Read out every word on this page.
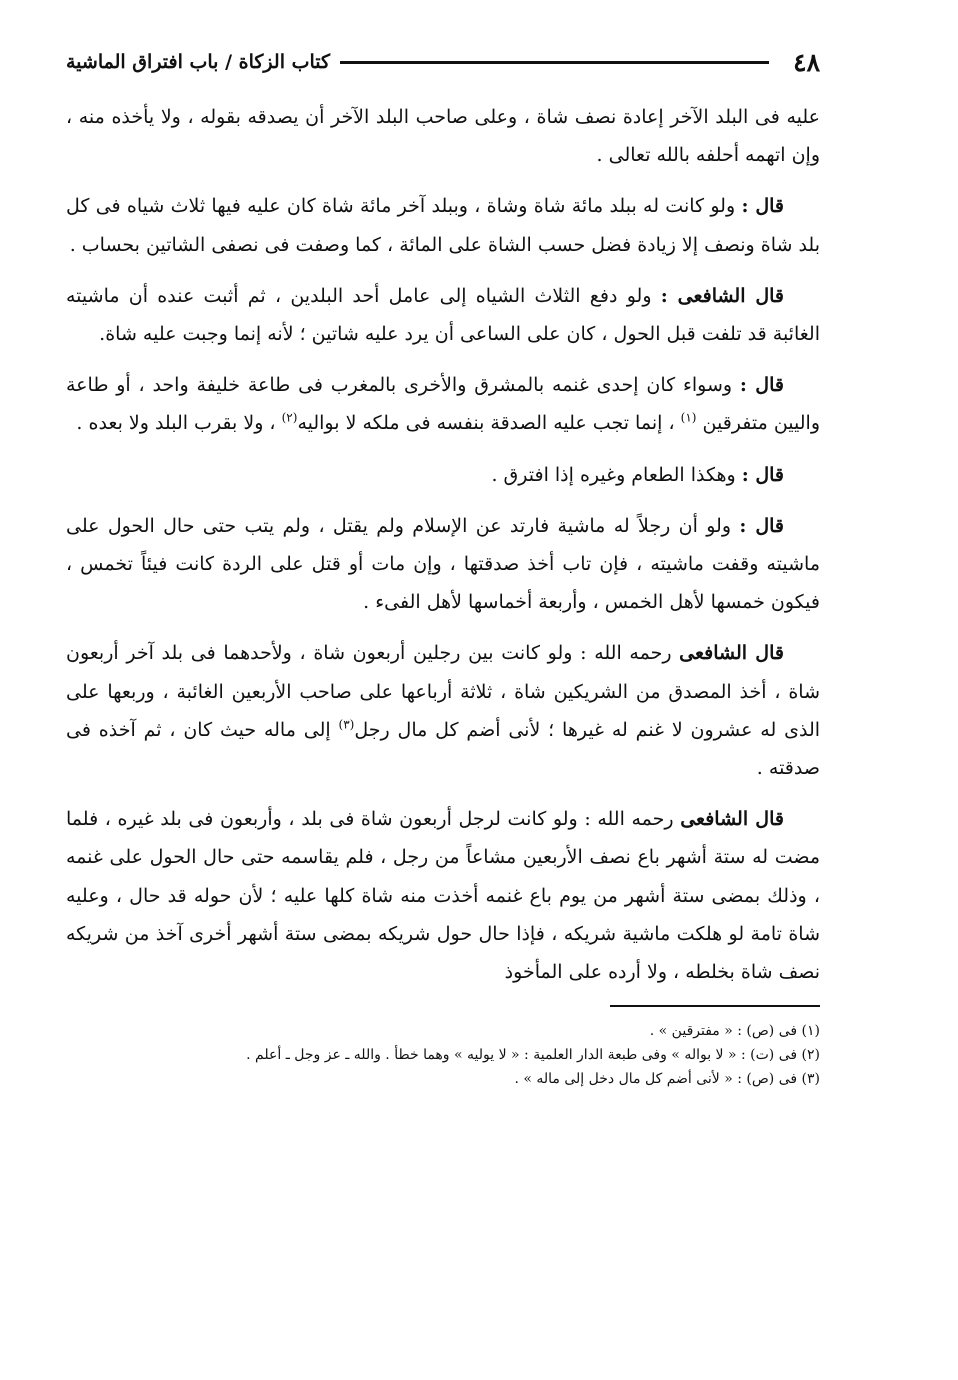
٤٨
كتاب الزكاة / باب افتراق الماشية

عليه فى البلد الآخر إعادة نصف شاة ، وعلى صاحب البلد الآخر أن يصدقه بقوله ، ولا يأخذه منه ، وإن اتهمه أحلفه بالله تعالى .

قال : ولو كانت له ببلد مائة شاة وشاة ، وببلد آخر مائة شاة كان عليه فيها ثلاث شياه فى كل بلد شاة ونصف إلا زيادة فضل حسب الشاة على المائة ، كما وصفت فى نصفى الشاتين بحساب .

قال الشافعى : ولو دفع الثلاث الشياه إلى عامل أحد البلدين ، ثم أثبت عنده أن ماشيته الغائبة قد تلفت قبل الحول ، كان على الساعى أن يرد عليه شاتين ؛ لأنه إنما وجبت عليه شاة.

قال : وسواء كان إحدى غنمه بالمشرق والأخرى بالمغرب فى طاعة خليفة واحد ، أو طاعة واليين متفرقين $^{(١)}$ ، إنما تجب عليه الصدقة بنفسه فى ملكه لا بواليه$^{(٢)}$ ، ولا بقرب البلد ولا بعده .

قال : وهكذا الطعام وغيره إذا افترق .

قال : ولو أن رجلاً له ماشية فارتد عن الإسلام ولم يقتل ، ولم يتب حتى حال الحول على ماشيته وقفت ماشيته ، فإن تاب أخذ صدقتها ، وإن مات أو قتل على الردة كانت فيئاً تخمس ، فيكون خمسها لأهل الخمس ، وأربعة أخماسها لأهل الفىء .

قال الشافعى رحمه الله : ولو كانت بين رجلين أربعون شاة ، ولأحدهما فى بلد آخر أربعون شاة ، أخذ المصدق من الشريكين شاة ، ثلاثة أرباعها على صاحب الأربعين الغائبة ، وربعها على الذى له عشرون لا غنم له غيرها ؛ لأنى أضم كل مال رجل$^{(٣)}$ إلى ماله حيث كان ، ثم آخذه فى صدقته .

قال الشافعى رحمه الله : ولو كانت لرجل أربعون شاة فى بلد ، وأربعون فى بلد غيره ، فلما مضت له ستة أشهر باع نصف الأربعين مشاعاً من رجل ، فلم يقاسمه حتى حال الحول على غنمه ، وذلك بمضى ستة أشهر من يوم باع غنمه أخذت منه شاة كلها عليه ؛ لأن حوله قد حال ، وعليه شاة تامة لو هلكت ماشية شريكه ، فإذا حال حول شريكه بمضى ستة أشهر أخرى آخذ من شريكه نصف شاة بخلطه ، ولا أرده على المأخوذ

(١) فى (ص) : « مفترقين » .

(٢) فى (ت) : « لا بواله » وفى طبعة الدار العلمية : « لا يوليه » وهما خطأ . والله ـ عز وجل ـ أعلم .

(٣) فى (ص) : « لأنى أضم كل مال دخل إلى ماله » .
